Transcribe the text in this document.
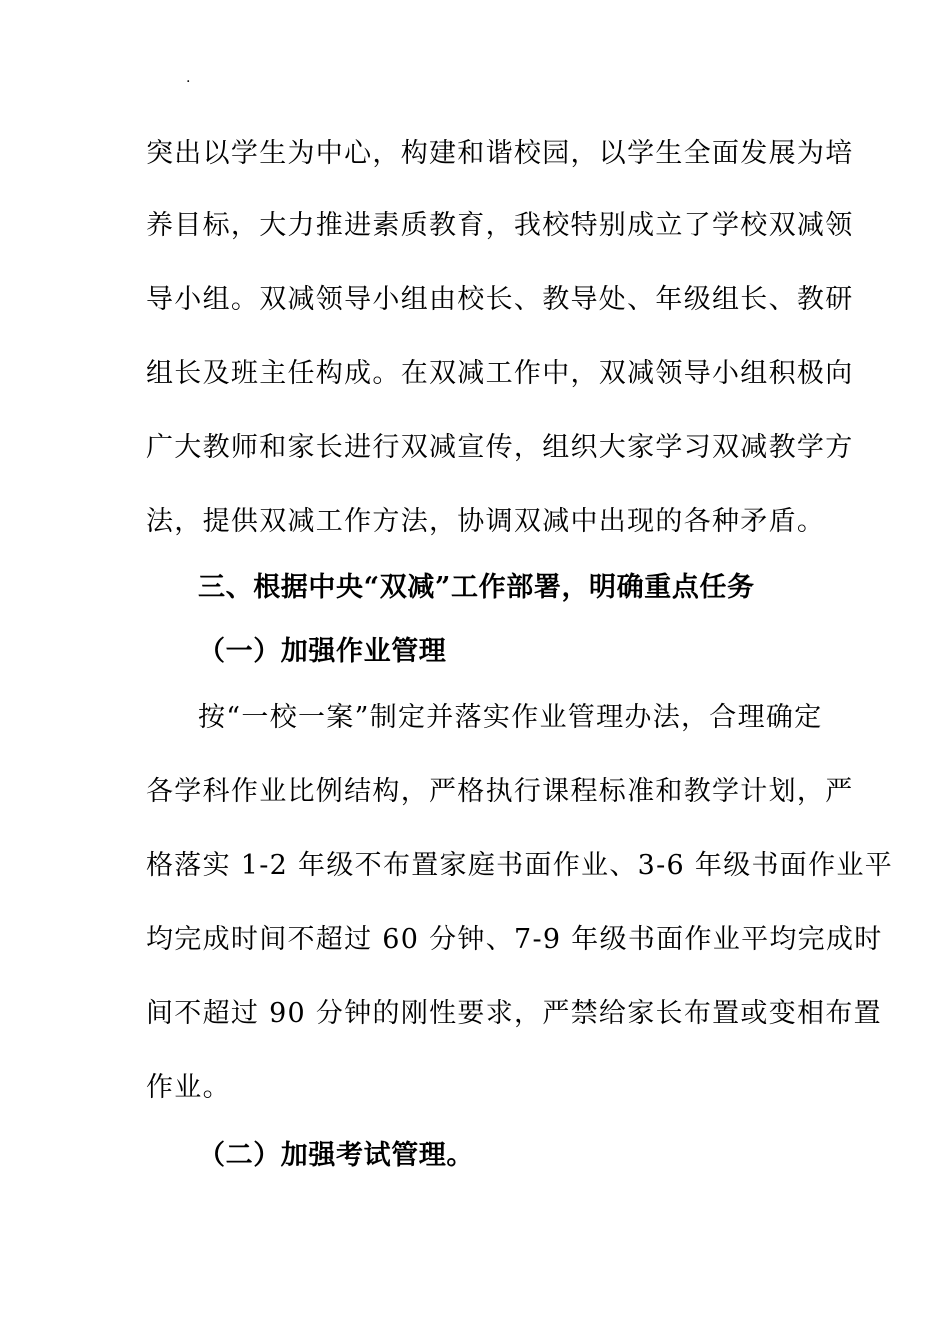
.
突出以学生为中心，构建和谐校园，以学生全面发展为培
养目标，大力推进素质教育，我校特别成立了学校双减领
导小组。双减领导小组由校长、教导处、年级组长、教研
组长及班主任构成。在双减工作中，双减领导小组积极向
广大教师和家长进行双减宣传，组织大家学习双减教学方
法，提供双减工作方法，协调双减中出现的各种矛盾。
三、根据中央“双减”工作部署，明确重点任务
（一）加强作业管理
按“一校一案”制定并落实作业管理办法，合理确定
各学科作业比例结构，严格执行课程标准和教学计划，严
格落实 1-2 年级不布置家庭书面作业、3-6 年级书面作业平
均完成时间不超过 60 分钟、7-9 年级书面作业平均完成时
间不超过 90 分钟的刚性要求，严禁给家长布置或变相布置
作业。
（二）加强考试管理。
